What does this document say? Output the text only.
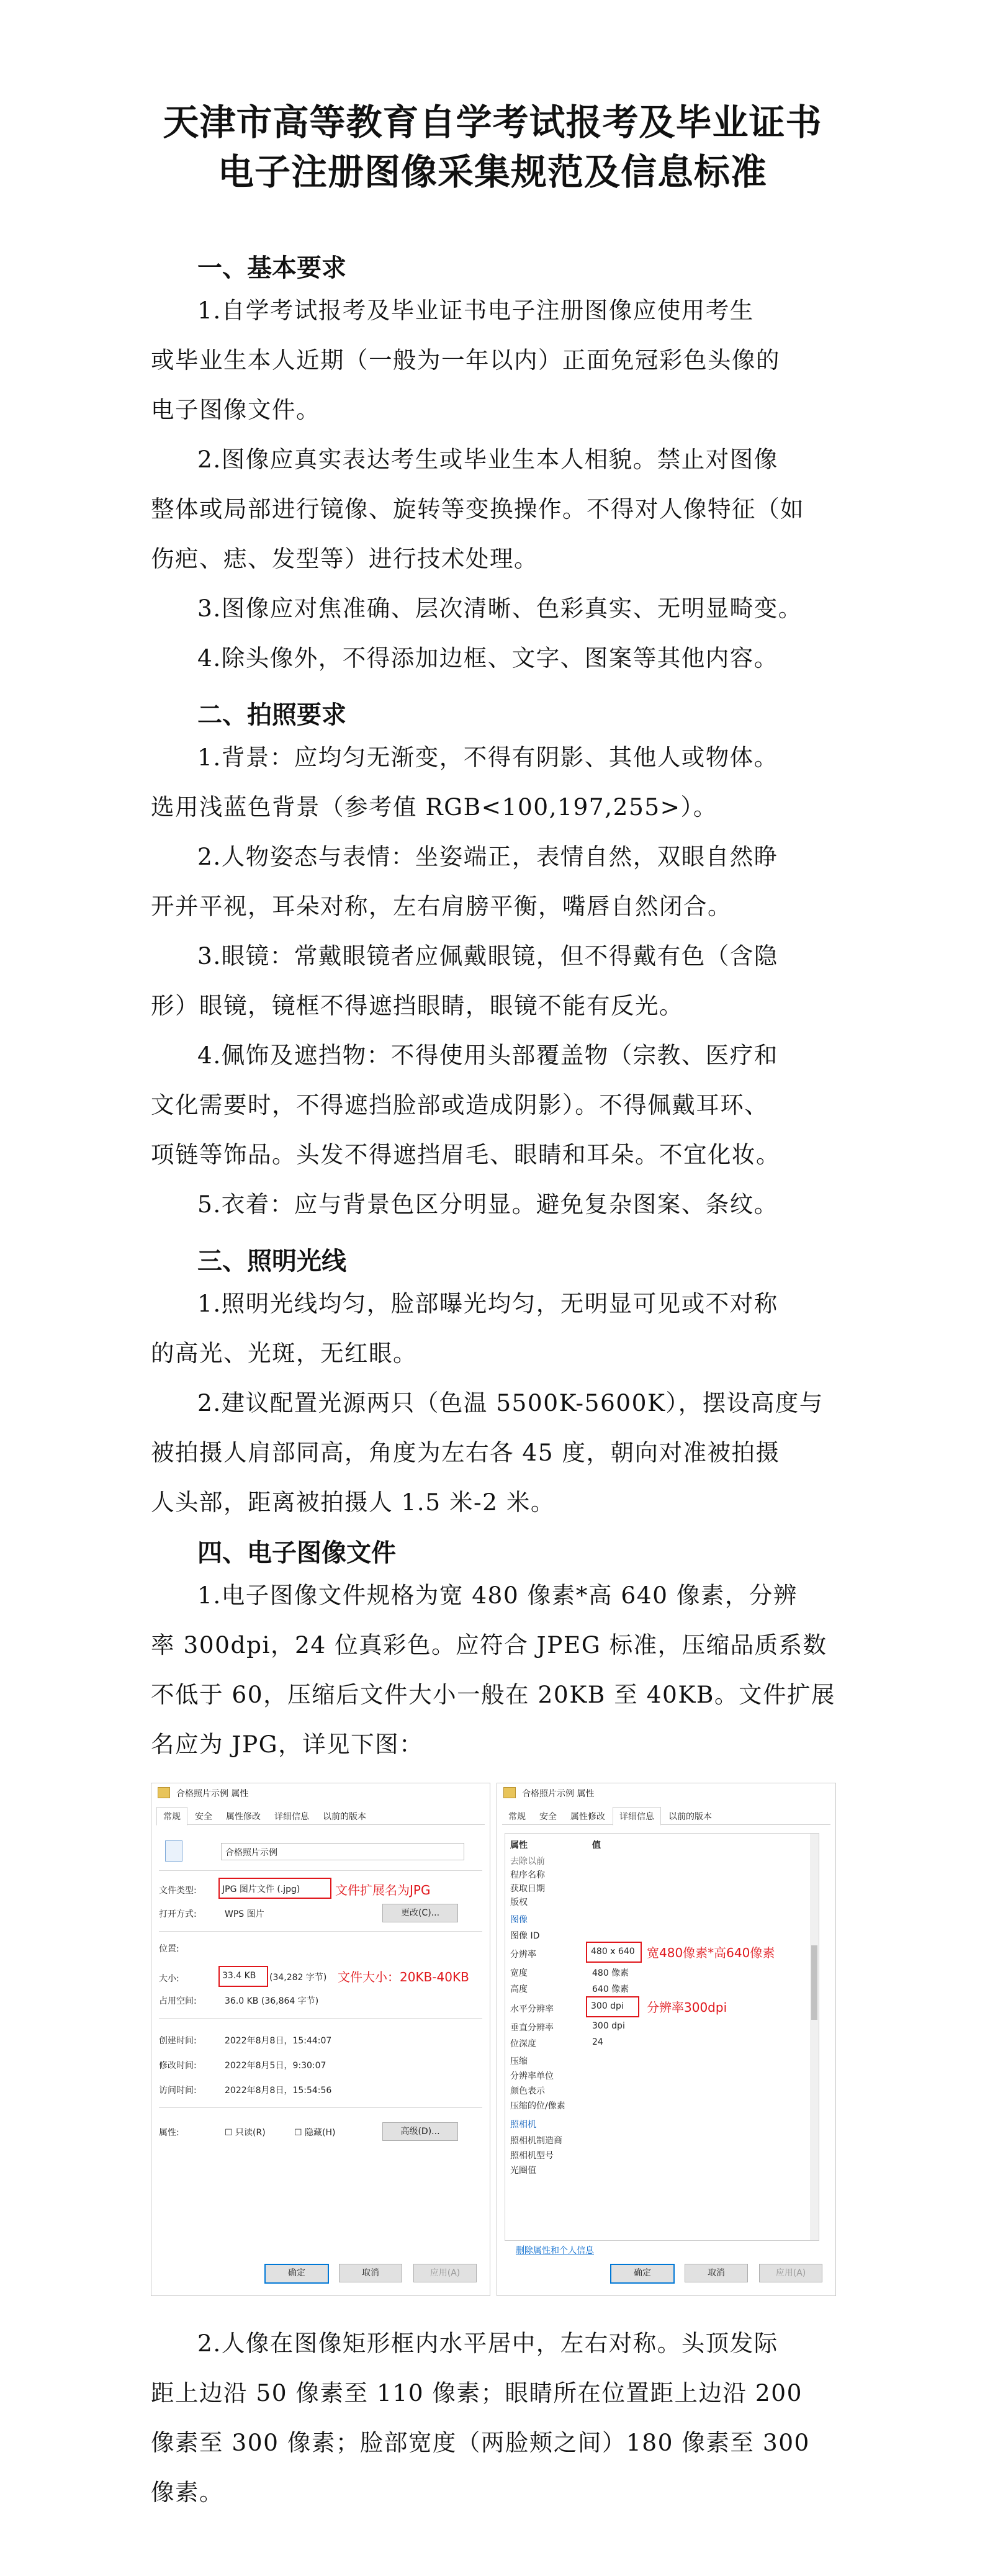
天津市高等教育自学考试报考及毕业证书
电子注册图像采集规范及信息标准
一、基本要求
1.自学考试报考及毕业证书电子注册图像应使用考生
或毕业生本人近期（一般为一年以内）正面免冠彩色头像的
电子图像文件。
2.图像应真实表达考生或毕业生本人相貌。禁止对图像
整体或局部进行镜像、旋转等变换操作。不得对人像特征（如
伤疤、痣、发型等）进行技术处理。
3.图像应对焦准确、层次清晰、色彩真实、无明显畸变。
4.除头像外，不得添加边框、文字、图案等其他内容。
二、拍照要求
1.背景：应均匀无渐变，不得有阴影、其他人或物体。
选用浅蓝色背景（参考值 RGB<100,197,255>）。
2.人物姿态与表情：坐姿端正，表情自然，双眼自然睁
开并平视，耳朵对称，左右肩膀平衡，嘴唇自然闭合。
3.眼镜：常戴眼镜者应佩戴眼镜，但不得戴有色（含隐
形）眼镜，镜框不得遮挡眼睛，眼镜不能有反光。
4.佩饰及遮挡物：不得使用头部覆盖物（宗教、医疗和
文化需要时，不得遮挡脸部或造成阴影）。不得佩戴耳环、
项链等饰品。头发不得遮挡眉毛、眼睛和耳朵。不宜化妆。
5.衣着：应与背景色区分明显。避免复杂图案、条纹。
三、照明光线
1.照明光线均匀，脸部曝光均匀，无明显可见或不对称
的高光、光斑，无红眼。
2.建议配置光源两只（色温 5500K-5600K），摆设高度与
被拍摄人肩部同高，角度为左右各 45 度，朝向对准被拍摄
人头部，距离被拍摄人 1.5 米-2 米。
四、电子图像文件
1.电子图像文件规格为宽 480 像素*高 640 像素，分辨
率 300dpi，24 位真彩色。应符合 JPEG 标准，压缩品质系数
不低于 60，压缩后文件大小一般在 20KB 至 40KB。文件扩展
名应为 JPG，详见下图：
合格照片示例 属性
常规 安全 属性修改 详细信息 以前的版本
合格照片示例
文件类型:	JPG 图片文件 (.jpg)	文件扩展名为JPG
打开方式:	WPS 图片	更改(C)...
位置:
大小:	33.4 KB (34,282 字节) 文件大小：20KB-40KB
占用空间:	36.0 KB (36,864 字节)
创建时间:	2022年8月8日，15:44:07
修改时间:	2022年8月5日，9:30:07
访问时间:	2022年8月8日，15:54:56
属性:	☐ 只读(R)	☐ 隐藏(H)	高级(D)...
确定	取消	应用(A)
合格照片示例 属性
常规 安全 属性修改 详细信息 以前的版本
属性	值
去除以前
程序名称
获取日期
版权
图像
图像 ID
分辨率	480 x 640 宽480像素*高640像素
宽度	480 像素
高度	640 像素
水平分辨率	300 dpi 分辨率300dpi
垂直分辨率	300 dpi
位深度	24
压缩
分辨率单位
颜色表示
压缩的位/像素
照相机
照相机制造商
照相机型号
光圈值
删除属性和个人信息
确定	取消	应用(A)
2.人像在图像矩形框内水平居中，左右对称。头顶发际
距上边沿 50 像素至 110 像素；眼睛所在位置距上边沿 200
像素至 300 像素；脸部宽度（两脸颊之间）180 像素至 300
像素。
